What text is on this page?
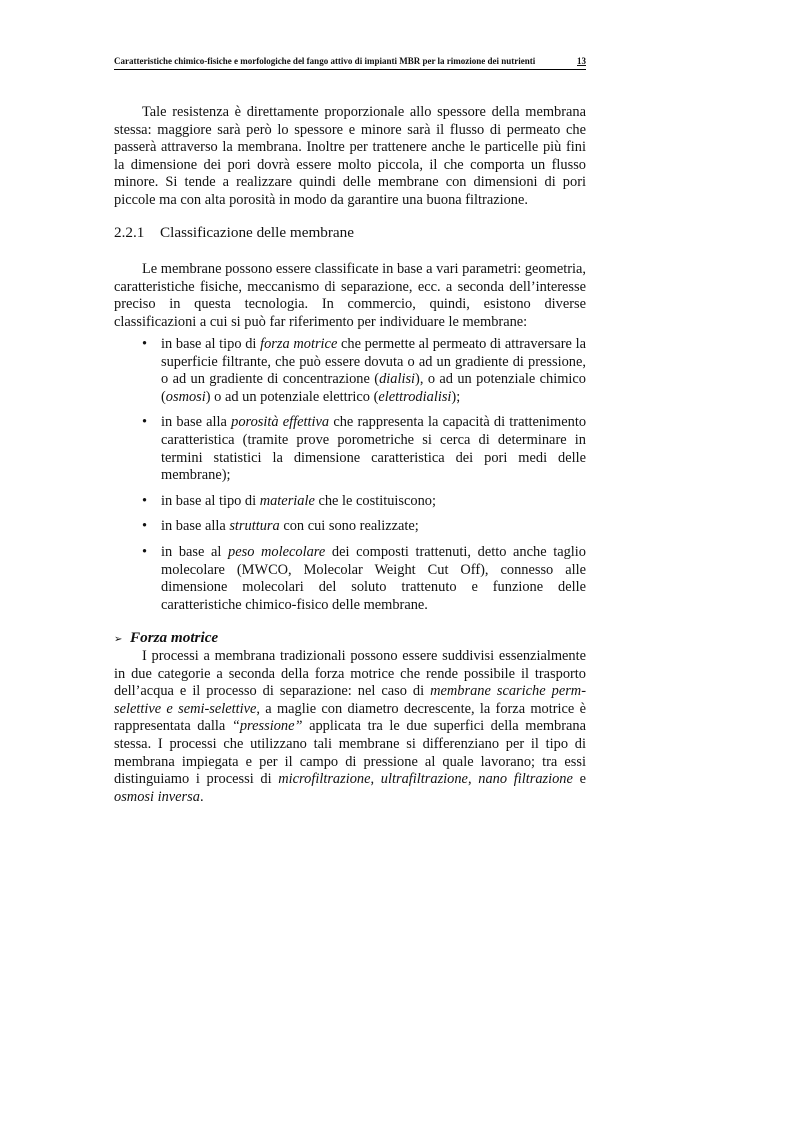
Caratteristiche chimico-fisiche e morfologiche del fango attivo di impianti MBR per la rimozione dei nutrienti	13

Tale resistenza è direttamente proporzionale allo spessore della membrana stessa: maggiore sarà però lo spessore e minore sarà il flusso di permeato che passerà attraverso la membrana. Inoltre per trattenere anche le particelle più fini la dimensione dei pori dovrà essere molto piccola, il che comporta un flusso minore. Si tende a realizzare quindi delle membrane con dimensioni di pori piccole ma con alta porosità in modo da garantire una buona filtrazione.

2.2.1 Classificazione delle membrane

Le membrane possono essere classificate in base a vari parametri: geometria, caratteristiche fisiche, meccanismo di separazione, ecc. a seconda dell’interesse preciso in questa tecnologia. In commercio, quindi, esistono diverse classificazioni a cui si può far riferimento per individuare le membrane:

• in base al tipo di forza motrice che permette al permeato di attraversare la superficie filtrante, che può essere dovuta o ad un gradiente di pressione, o ad un gradiente di concentrazione (dialisi), o ad un potenziale chimico (osmosi) o ad un potenziale elettrico (elettrodialisi);
• in base alla porosità effettiva che rappresenta la capacità di trattenimento caratteristica (tramite prove porometriche si cerca di determinare in termini statistici la dimensione caratteristica dei pori medi delle membrane);
• in base al tipo di materiale che le costituiscono;
• in base alla struttura con cui sono realizzate;
• in base al peso molecolare dei composti trattenuti, detto anche taglio molecolare (MWCO, Molecolar Weight Cut Off), connesso alle dimensione molecolari del soluto trattenuto e funzione delle caratteristiche chimico-fisico delle membrane.
➢ Forza motrice

I processi a membrana tradizionali possono essere suddivisi essenzialmente in due categorie a seconda della forza motrice che rende possibile il trasporto dell’acqua e il processo di separazione: nel caso di membrane scariche perm-selettive e semi-selettive, a maglie con diametro decrescente, la forza motrice è rappresentata dalla “pressione” applicata tra le due superfici della membrana stessa. I processi che utilizzano tali membrane si differenziano per il tipo di membrana impiegata e per il campo di pressione al quale lavorano; tra essi distinguiamo i processi di microfiltrazione, ultrafiltrazione, nano filtrazione e osmosi inversa.
